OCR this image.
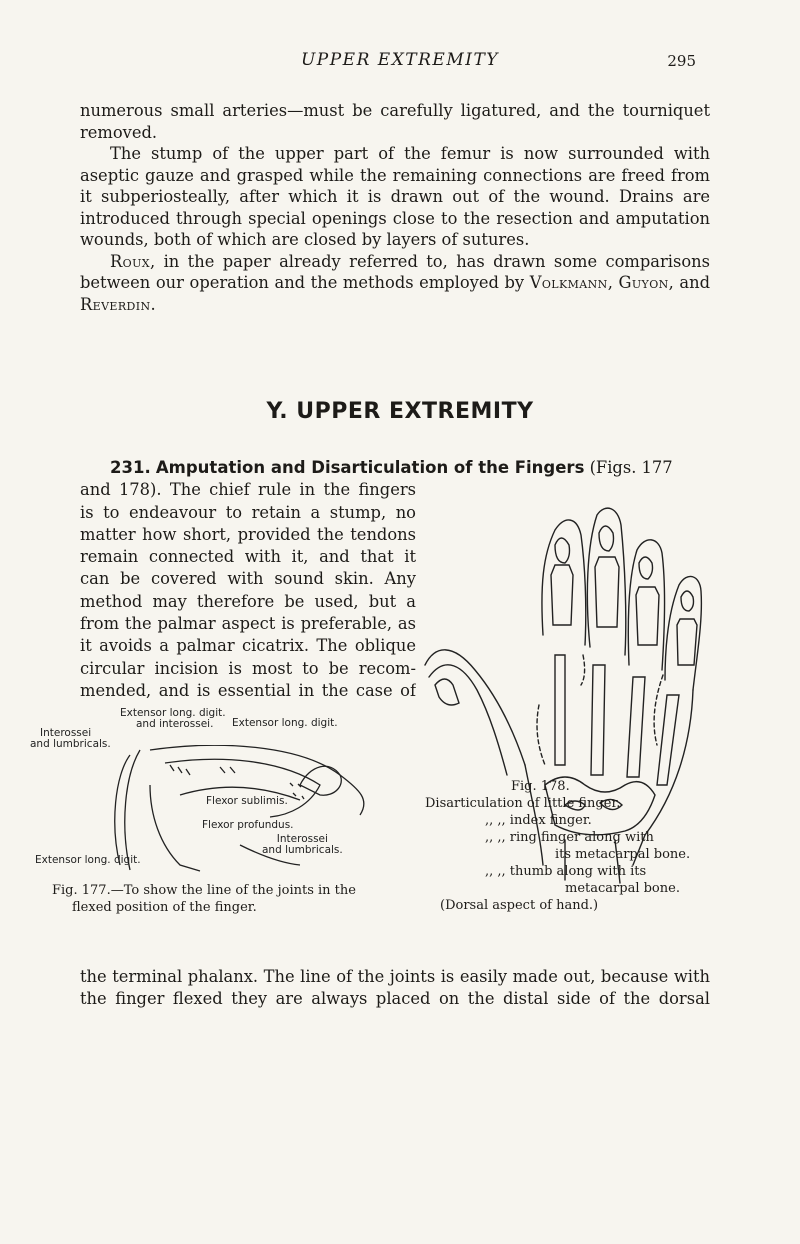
UPPER EXTREMITY	295

numerous small arteries—must be carefully ligatured, and the tourniquet removed.

The stump of the upper part of the femur is now surrounded with aseptic gauze and grasped while the remaining connections are freed from it subperiosteally, after which it is drawn out of the wound. Drains are introduced through special openings close to the resection and amputation wounds, both of which are closed by layers of sutures.

Roux, in the paper already referred to, has drawn some comparisons between our operation and the methods employed by Volkmann, Guyon, and Reverdin.

Y. UPPER EXTREMITY
231. Amputation and Disarticulation of the Fingers (Figs. 177
and 178). The chief rule in the fingers
is to endeavour to retain a stump, no
matter how short, provided the tendons
remain connected with it, and that it
can be covered with sound skin. Any
method may therefore be used, but a
from the palmar aspect is preferable, as
it avoids a palmar cicatrix. The oblique
circular incision is most to be recom-
mended, and is essential in the case of
Extensor long. digit.
and interossei.	Extensor long. digit.
Interossei
and lumbricals.
Flexor sublimis.
Flexor profundus.
Interossei
and lumbricals.
Extensor long. digit.
Fig. 177.—To show the line of the joints in the
flexed position of the finger.
Fig. 178.
Disarticulation of little finger.
,, ,, index finger.
,, ,, ring finger along with
its metacarpal bone.
,, ,, thumb along with its
metacarpal bone.
(Dorsal aspect of hand.)
the terminal phalanx. The line of the joints is easily made out, because with
the finger flexed they are always placed on the distal side of the dorsal
